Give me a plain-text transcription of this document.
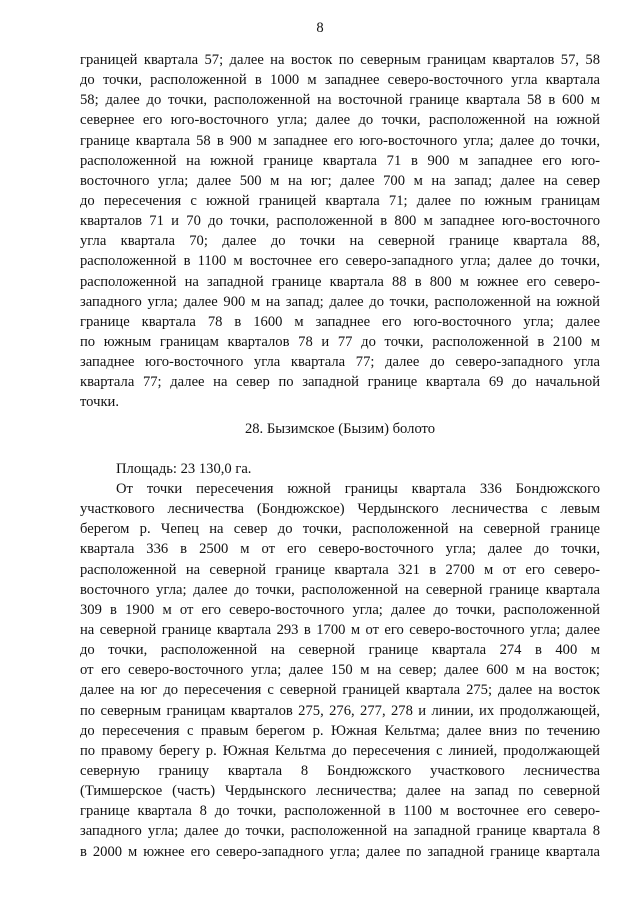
8
границей квартала 57; далее на восток по северным границам кварталов 57, 58
до точки, расположенной в 1000 м западнее северо-восточного угла квартала
58; далее до точки, расположенной на восточной границе квартала 58 в 600 м
севернее его юго-восточного угла; далее до точки, расположенной на южной
границе квартала 58 в 900 м западнее его юго-восточного угла; далее до точки,
расположенной на южной границе квартала 71 в 900 м западнее его юго-
восточного угла; далее 500 м на юг; далее 700 м на запад; далее на север
до пересечения с южной границей квартала 71; далее по южным границам
кварталов 71 и 70 до точки, расположенной в 800 м западнее юго-восточного
угла квартала 70; далее до точки на северной границе квартала 88,
расположенной в 1100 м восточнее его северо-западного угла; далее до точки,
расположенной на западной границе квартала 88 в 800 м южнее его северо-
западного угла; далее 900 м на запад; далее до точки, расположенной на южной
границе квартала 78 в 1600 м западнее его юго-восточного угла; далее
по южным границам кварталов 78 и 77 до точки, расположенной в 2100 м
западнее юго-восточного угла квартала 77; далее до северо-западного угла
квартала 77; далее на север по западной границе квартала 69 до начальной
точки.
28. Бызимское (Бызим) болото
Площадь: 23 130,0 га.
От точки пересечения южной границы квартала 336 Бондюжского
участкового лесничества (Бондюжское) Чердынского лесничества с левым
берегом р. Чепец на север до точки, расположенной на северной границе
квартала 336 в 2500 м от его северо-восточного угла; далее до точки,
расположенной на северной границе квартала 321 в 2700 м от его северо-
восточного угла; далее до точки, расположенной на северной границе квартала
309 в 1900 м от его северо-восточного угла; далее до точки, расположенной
на северной границе квартала 293 в 1700 м от его северо-восточного угла; далее
до точки, расположенной на северной границе квартала 274 в 400 м
от его северо-восточного угла; далее 150 м на север; далее 600 м на восток;
далее на юг до пересечения с северной границей квартала 275; далее на восток
по северным границам кварталов 275, 276, 277, 278 и линии, их продолжающей,
до пересечения с правым берегом р. Южная Кельтма; далее вниз по течению
по правому берегу р. Южная Кельтма до пересечения с линией, продолжающей
северную границу квартала 8 Бондюжского участкового лесничества
(Тимшерское (часть) Чердынского лесничества; далее на запад по северной
границе квартала 8 до точки, расположенной в 1100 м восточнее его северо-
западного угла; далее до точки, расположенной на западной границе квартала 8
в 2000 м южнее его северо-западного угла; далее по западной границе квартала
